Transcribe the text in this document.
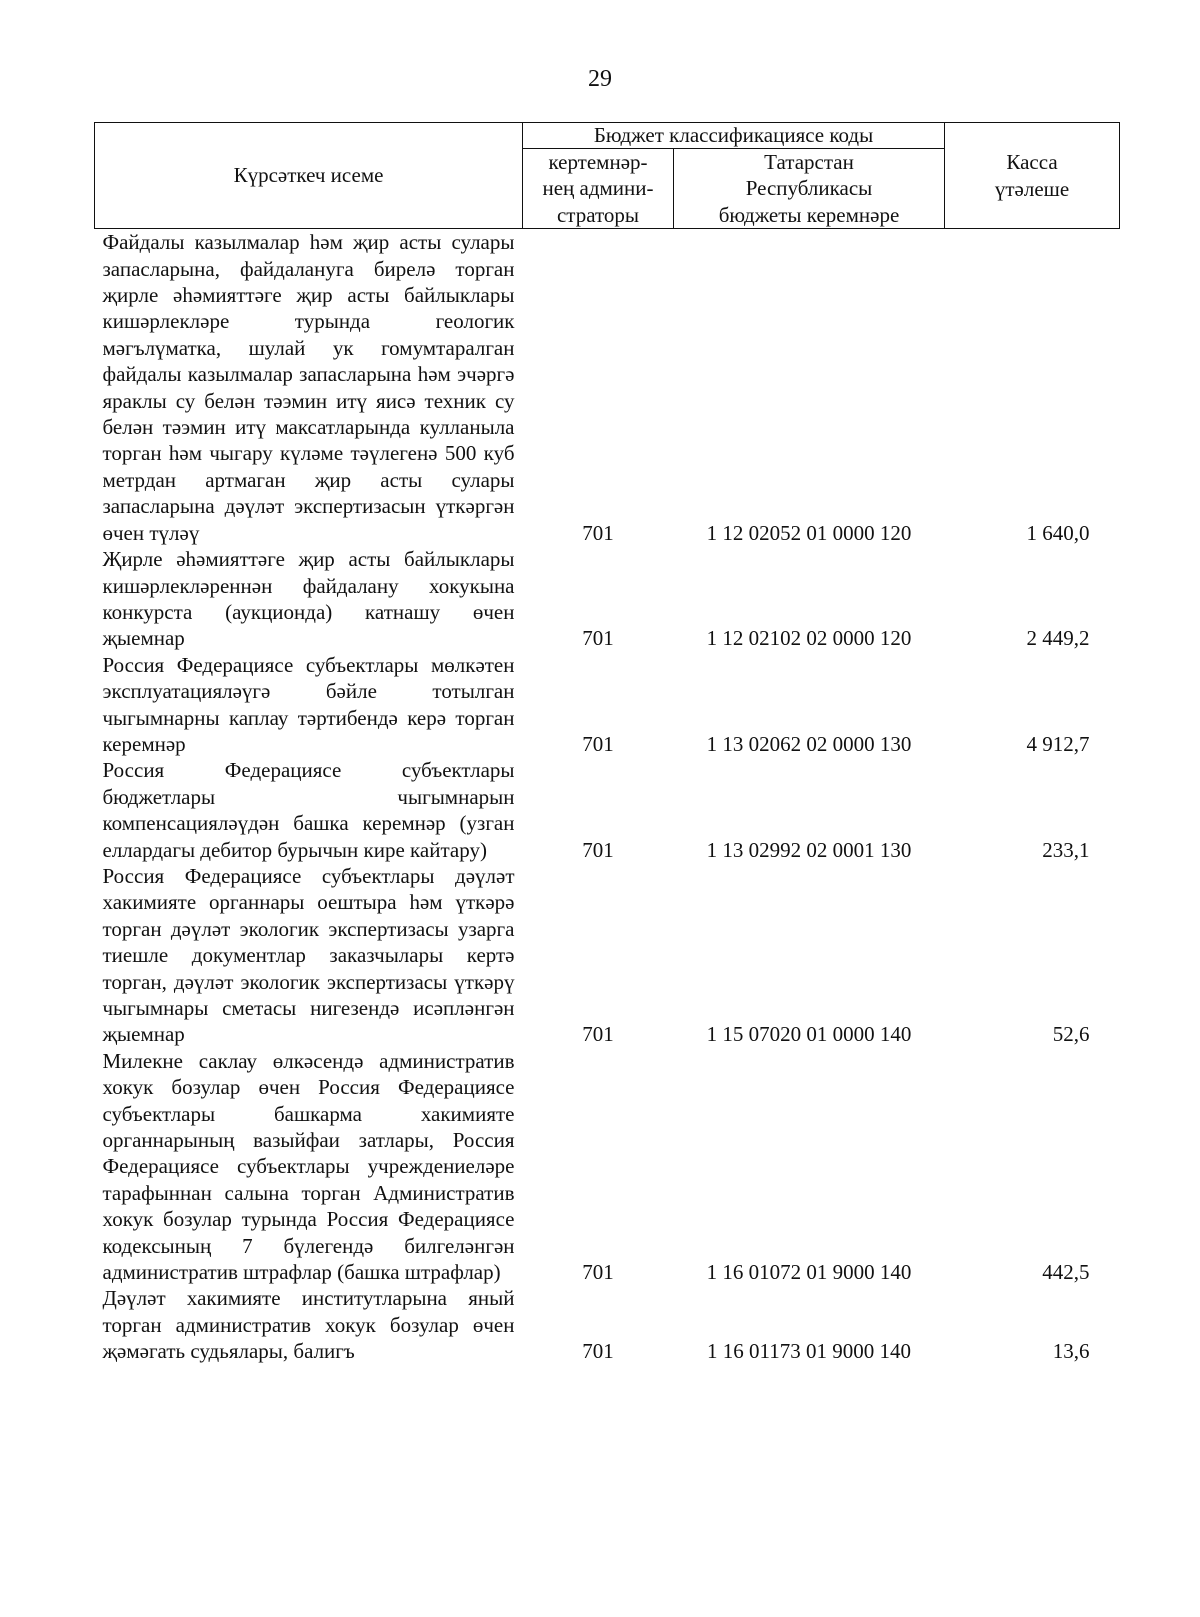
29
Күрсәткеч исеме	Бюджет классификациясе коды		Касса үтәлеше

	кертемнәр-нең админи-страторы	Татарстан Республикасы бюджеты керемнәре	

Файдалы казылмалар һәм җир асты сулары запасларына, файдалануга бирелә торган җирле әһәмияттәге җир асты байлыклары кишәрлекләре турында геологик мәгълүматка, шулай ук гомумтаралган файдалы казылмалар запасларына һәм эчәргә яраклы су белән тәэмин итү яисә техник су белән тәэмин итү максатларында кулланыла торган һәм чыгару күләме тәүлегенә 500 куб метрдан артмаган җир асты сулары запасларына дәүләт экспертизасын үткәргән өчен түләү	701	1 12 02052 01 0000 120	1 640,0
Җирле әһәмияттәге җир асты байлыклары кишәрлекләреннән файдалану хокукына конкурста (аукционда) катнашу өчен җыемнар	701	1 12 02102 02 0000 120	2 449,2
Россия Федерациясе субъектлары мөлкәтен эксплуатацияләүгә бәйле тотылган чыгымнарны каплау тәртибендә керә торган керемнәр	701	1 13 02062 02 0000 130	4 912,7
Россия Федерациясе субъектлары бюджетлары чыгымнарын компенсацияләүдән башка керемнәр (узган еллардагы дебитор бурычын кире кайтару)	701	1 13 02992 02 0001 130	233,1
Россия Федерациясе субъектлары дәүләт хакимияте органнары оештыра һәм үткәрә торган дәүләт экологик экспертизасы узарга тиешле документлар заказчылары кертә торган, дәүләт экологик экспертизасы үткәрү чыгымнары сметасы нигезендә исәпләнгән җыемнар	701	1 15 07020 01 0000 140	52,6
Милекне саклау өлкәсендә административ хокук бозулар өчен Россия Федерациясе субъектлары башкарма хакимияте органнарының вазыйфаи затлары, Россия Федерациясе субъектлары учреждениеләре тарафыннан салына торган Административ хокук бозулар турында Россия Федерациясе кодексының 7 бүлегендә билгеләнгән административ штрафлар (башка штрафлар)	701	1 16 01072 01 9000 140	442,5
Дәүләт хакимияте институтларына яный торган административ хокук бозулар өчен җәмәгать судьялары, балигъ	701	1 16 01173 01 9000 140	13,6
